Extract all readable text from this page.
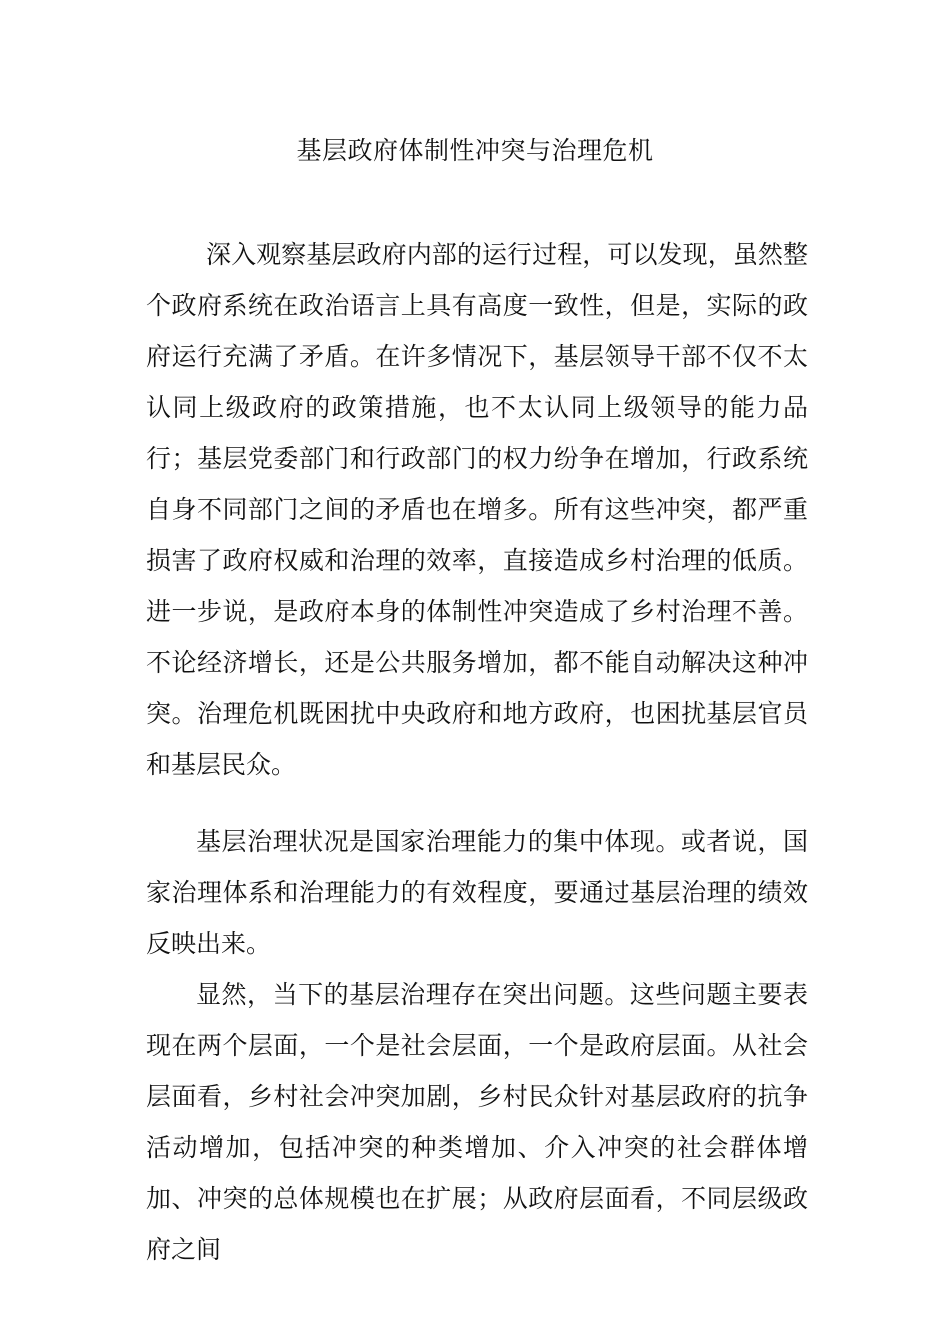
基层政府体制性冲突与治理危机

深入观察基层政府内部的运行过程，可以发现，虽然整个政府系统在政治语言上具有高度一致性，但是，实际的政府运行充满了矛盾。在许多情况下，基层领导干部不仅不太认同上级政府的政策措施，也不太认同上级领导的能力品行；基层党委部门和行政部门的权力纷争在增加，行政系统自身不同部门之间的矛盾也在增多。所有这些冲突，都严重损害了政府权威和治理的效率，直接造成乡村治理的低质。进一步说，是政府本身的体制性冲突造成了乡村治理不善。不论经济增长，还是公共服务增加，都不能自动解决这种冲突。治理危机既困扰中央政府和地方政府，也困扰基层官员和基层民众。

基层治理状况是国家治理能力的集中体现。或者说，国家治理体系和治理能力的有效程度，要通过基层治理的绩效反映出来。

显然，当下的基层治理存在突出问题。这些问题主要表现在两个层面，一个是社会层面，一个是政府层面。从社会层面看，乡村社会冲突加剧，乡村民众针对基层政府的抗争活动增加，包括冲突的种类增加、介入冲突的社会群体增加、冲突的总体规模也在扩展；从政府层面看，不同层级政府之间
